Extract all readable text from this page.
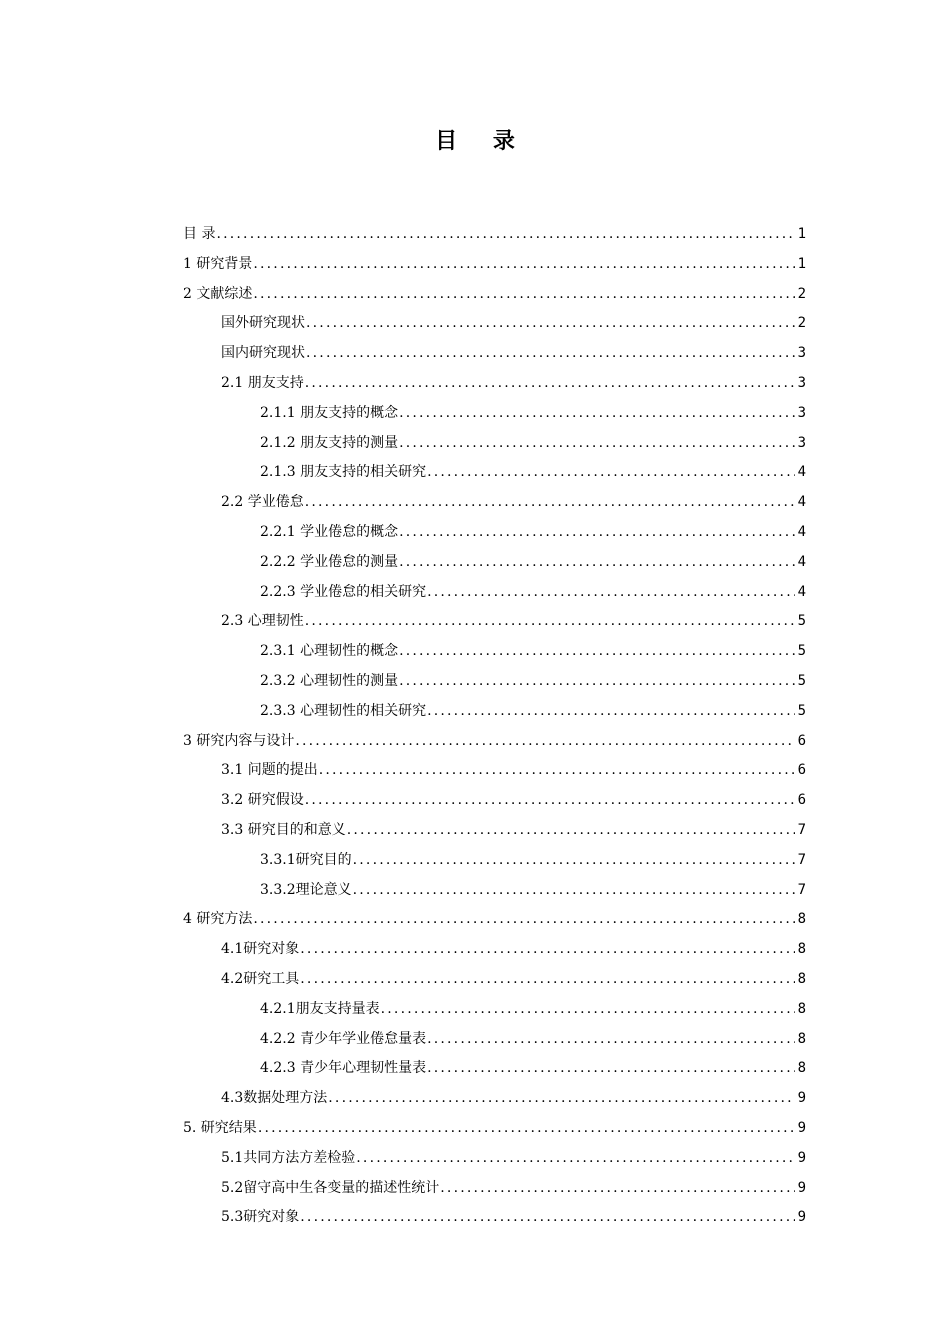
目 录
目 录 .....	1
1 研究背景 .....	1
2 文献综述 .....	2
国外研究现状 .....	2
国内研究现状 .....	3
2.1 朋友支持 .....	3
2.1.1 朋友支持的概念 .....	3
2.1.2 朋友支持的测量 .....	3
2.1.3 朋友支持的相关研究 .....	4
2.2 学业倦怠 .....	4
2.2.1 学业倦怠的概念 .....	4
2.2.2 学业倦怠的测量 .....	4
2.2.3 学业倦怠的相关研究 .....	4
2.3 心理韧性 .....	5
2.3.1 心理韧性的概念 .....	5
2.3.2 心理韧性的测量 .....	5
2.3.3 心理韧性的相关研究 .....	5
3 研究内容与设计 .....	6
3.1 问题的提出 .....	6
3.2 研究假设 .....	6
3.3 研究目的和意义 .....	7
3.3.1研究目的 .....	7
3.3.2理论意义 .....	7
4 研究方法 .....	8
4.1研究对象 .....	8
4.2研究工具 .....	8
4.2.1朋友支持量表 .....	8
4.2.2 青少年学业倦怠量表 .....	8
4.2.3 青少年心理韧性量表 .....	8
4.3数据处理方法 .....	9
5. 研究结果 .....	9
5.1共同方法方差检验 .....	9
5.2留守高中生各变量的描述性统计 .....	9
5.3研究对象 .....	9
